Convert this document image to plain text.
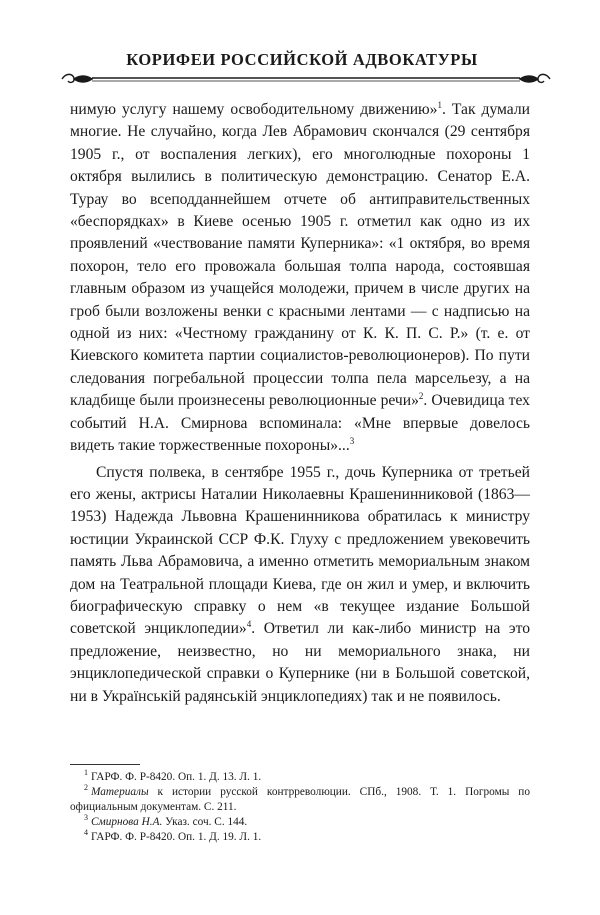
КОРИФЕИ РОССИЙСКОЙ АДВОКАТУРЫ

нимую услугу нашему освободительному движению»$^1$. Так думали многие. Не случайно, когда Лев Абрамович скончался (29 сентября 1905 г., от воспаления легких), его многолюдные похороны 1 октября вылились в политическую демонстрацию. Сенатор Е.А. Турау во всеподданнейшем отчете об антиправительственных «беспорядках» в Киеве осенью 1905 г. отметил как одно из их проявлений «чествование памяти Куперника»: «1 октября, во время похорон, тело его провожала большая толпа народа, состоявшая главным образом из учащейся молодежи, причем в числе других на гроб были возложены венки с красными лентами — с надписью на одной из них: «Честному гражданину от К. К. П. С. Р.» (т. е. от Киевского комитета партии социалистов-революционеров). По пути следования погребальной процессии толпа пела марсельезу, а на кладбище были произнесены революционные речи»$^2$. Очевидица тех событий Н.А. Смирнова вспоминала: «Мне впервые довелось видеть такие торжественные похороны»...$^3$

Спустя полвека, в сентябре 1955 г., дочь Куперника от третьей его жены, актрисы Наталии Николаевны Крашенинниковой (1863—1953) Надежда Львовна Крашенинникова обратилась к министру юстиции Украинской ССР Ф.К. Глуху с предложением увековечить память Льва Абрамовича, а именно отметить мемориальным знаком дом на Театральной площади Киева, где он жил и умер, и включить биографическую справку о нем «в текущее издание Большой советской энциклопедии»$^4$. Ответил ли как-либо министр на это предложение, неизвестно, но ни мемориального знака, ни энциклопедической справки о Купернике (ни в Большой советской, ни в Українській радянській энциклопедиях) так и не появилось.

$^1$ ГАРФ. Ф. Р-8420. Оп. 1. Д. 13. Л. 1.

$^2$ Материалы к истории русской контрреволюции. СПб., 1908. Т. 1. Погромы по официальным документам. С. 211.

$^3$ Смирнова Н.А. Указ. соч. С. 144.

$^4$ ГАРФ. Ф. Р-8420. Оп. 1. Д. 19. Л. 1.
